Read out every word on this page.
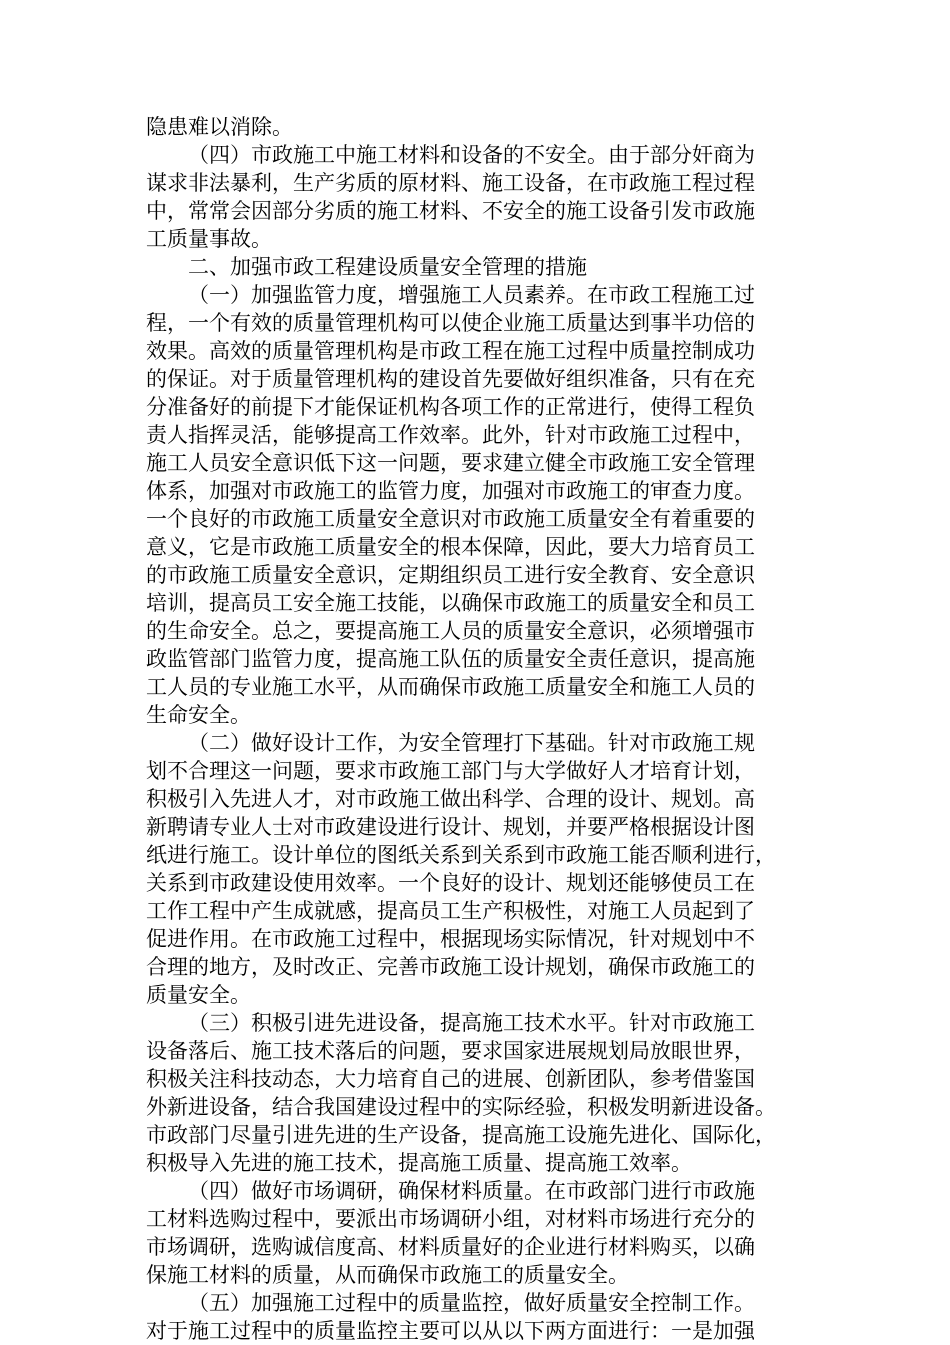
隐患难以消除。
（四）市政施工中施工材料和设备的不安全。由于部分奸商为
谋求非法暴利，生产劣质的原材料、施工设备，在市政施工程过程
中，常常会因部分劣质的施工材料、不安全的施工设备引发市政施
工质量事故。
二、加强市政工程建设质量安全管理的措施
（一）加强监管力度，增强施工人员素养。在市政工程施工过
程，一个有效的质量管理机构可以使企业施工质量达到事半功倍的
效果。高效的质量管理机构是市政工程在施工过程中质量控制成功
的保证。对于质量管理机构的建设首先要做好组织准备，只有在充
分准备好的前提下才能保证机构各项工作的正常进行，使得工程负
责人指挥灵活，能够提高工作效率。此外，针对市政施工过程中，
施工人员安全意识低下这一问题，要求建立健全市政施工安全管理
体系，加强对市政施工的监管力度，加强对市政施工的审查力度。
一个良好的市政施工质量安全意识对市政施工质量安全有着重要的
意义，它是市政施工质量安全的根本保障，因此，要大力培育员工
的市政施工质量安全意识，定期组织员工进行安全教育、安全意识
培训，提高员工安全施工技能，以确保市政施工的质量安全和员工
的生命安全。总之，要提高施工人员的质量安全意识，必须增强市
政监管部门监管力度，提高施工队伍的质量安全责任意识，提高施
工人员的专业施工水平，从而确保市政施工质量安全和施工人员的
生命安全。
（二）做好设计工作，为安全管理打下基础。针对市政施工规
划不合理这一问题，要求市政施工部门与大学做好人才培育计划，
积极引入先进人才，对市政施工做出科学、合理的设计、规划。高
新聘请专业人士对市政建设进行设计、规划，并要严格根据设计图
纸进行施工。设计单位的图纸关系到关系到市政施工能否顺利进行，
关系到市政建设使用效率。一个良好的设计、规划还能够使员工在
工作工程中产生成就感，提高员工生产积极性，对施工人员起到了
促进作用。在市政施工过程中，根据现场实际情况，针对规划中不
合理的地方，及时改正、完善市政施工设计规划，确保市政施工的
质量安全。
（三）积极引进先进设备，提高施工技术水平。针对市政施工
设备落后、施工技术落后的问题，要求国家进展规划局放眼世界，
积极关注科技动态，大力培育自己的进展、创新团队，参考借鉴国
外新进设备，结合我国建设过程中的实际经验，积极发明新进设备。
市政部门尽量引进先进的生产设备，提高施工设施先进化、国际化，
积极导入先进的施工技术，提高施工质量、提高施工效率。
（四）做好市场调研，确保材料质量。在市政部门进行市政施
工材料选购过程中，要派出市场调研小组，对材料市场进行充分的
市场调研，选购诚信度高、材料质量好的企业进行材料购买，以确
保施工材料的质量，从而确保市政施工的质量安全。
（五）加强施工过程中的质量监控，做好质量安全控制工作。
对于施工过程中的质量监控主要可以从以下两方面进行：一是加强
